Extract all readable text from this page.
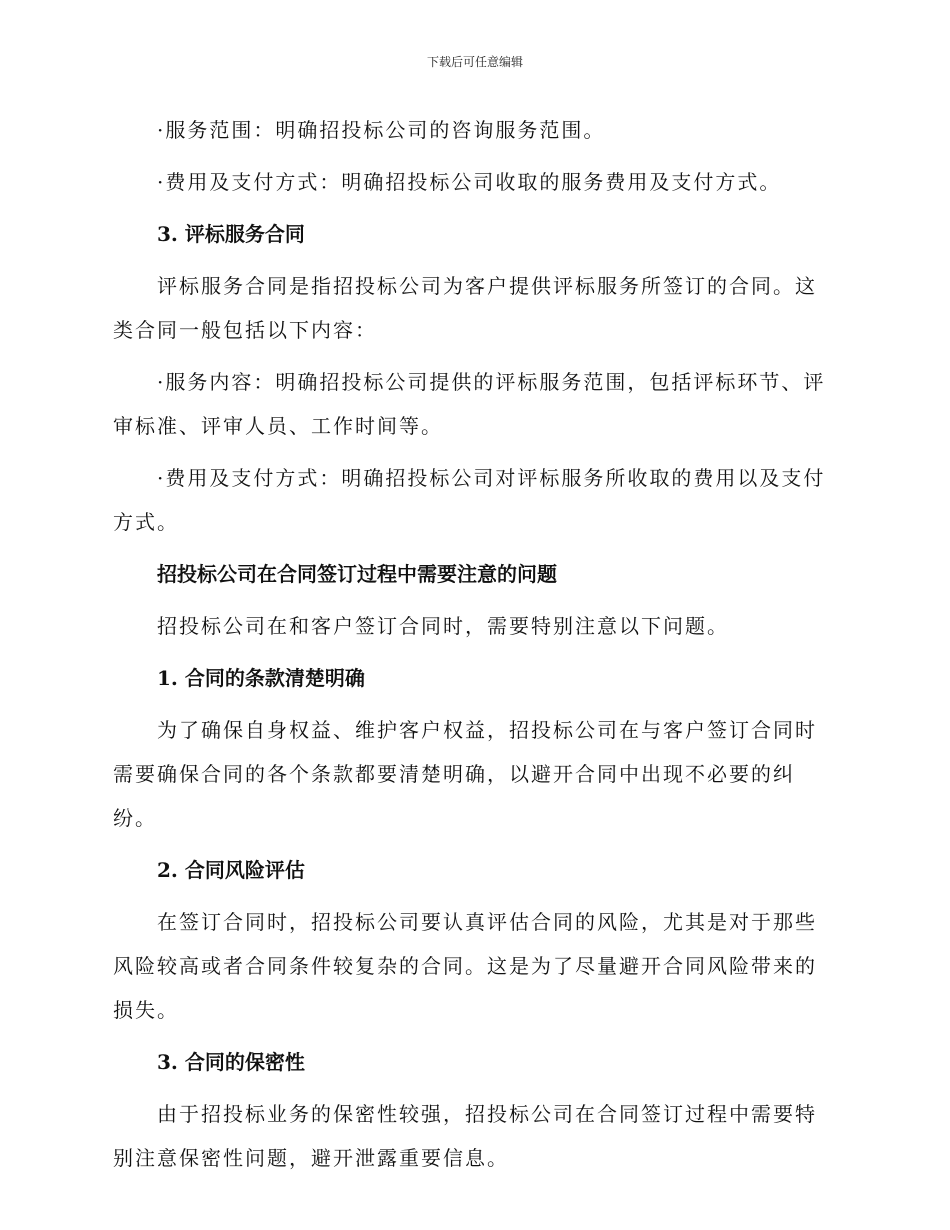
下载后可任意编辑
·服务范围：明确招投标公司的咨询服务范围。
·费用及支付方式：明确招投标公司收取的服务费用及支付方式。
3. 评标服务合同
评标服务合同是指招投标公司为客户提供评标服务所签订的合同。这类合同一般包括以下内容：
·服务内容：明确招投标公司提供的评标服务范围，包括评标环节、评审标准、评审人员、工作时间等。
·费用及支付方式：明确招投标公司对评标服务所收取的费用以及支付方式。
招投标公司在合同签订过程中需要注意的问题
招投标公司在和客户签订合同时，需要特别注意以下问题。
1. 合同的条款清楚明确
为了确保自身权益、维护客户权益，招投标公司在与客户签订合同时需要确保合同的各个条款都要清楚明确，以避开合同中出现不必要的纠纷。
2. 合同风险评估
在签订合同时，招投标公司要认真评估合同的风险，尤其是对于那些风险较高或者合同条件较复杂的合同。这是为了尽量避开合同风险带来的损失。
3. 合同的保密性
由于招投标业务的保密性较强，招投标公司在合同签订过程中需要特别注意保密性问题，避开泄露重要信息。
